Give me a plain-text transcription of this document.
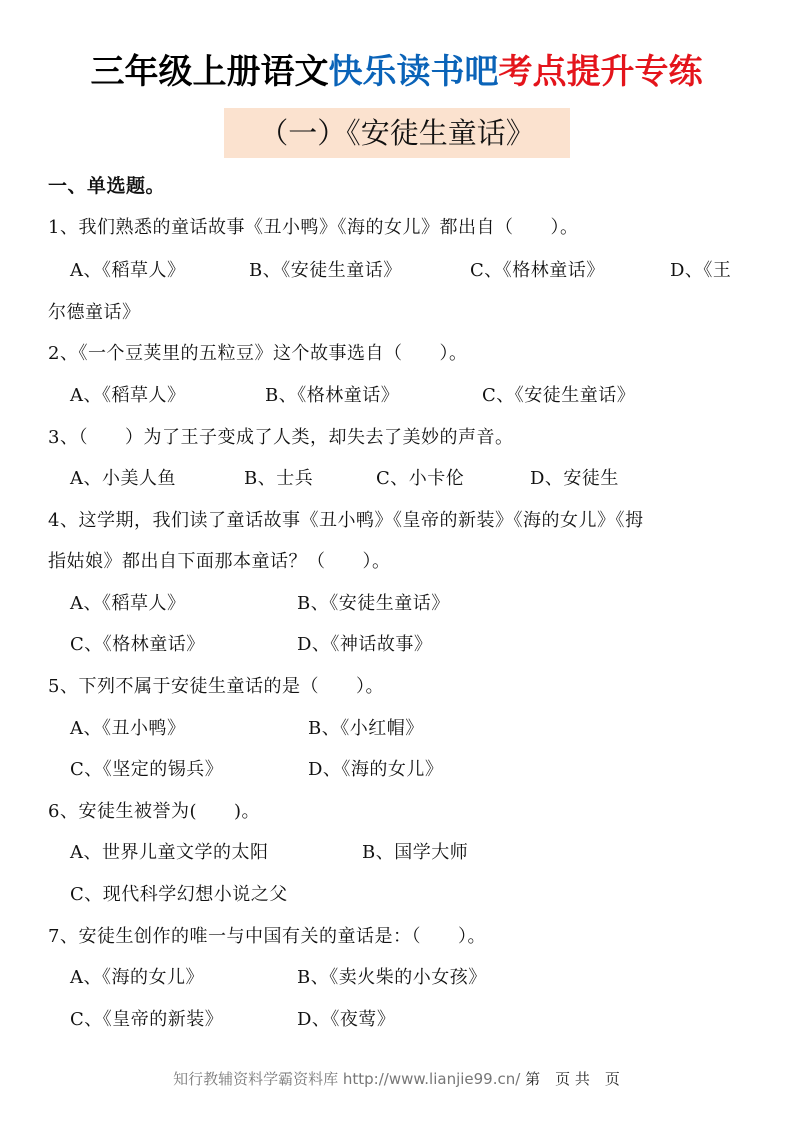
三年级上册语文快乐读书吧考点提升专练
（一）《安徒生童话》
一、单选题。
1、我们熟悉的童话故事《丑小鸭》《海的女儿》都出自（　　）。
A、《稻草人》	B、《安徒生童话》	C、《格林童话》	D、《王
尔德童话》
2、《一个豆荚里的五粒豆》这个故事选自（　　）。
A、《稻草人》	B、《格林童话》	C、《安徒生童话》
3、（　　）为了王子变成了人类，却失去了美妙的声音。
A、小美人鱼	B、士兵	C、小卡伦	D、安徒生
4、这学期，我们读了童话故事《丑小鸭》《皇帝的新装》《海的女儿》《拇
指姑娘》都出自下面那本童话？（　　）。
A、《稻草人》	B、《安徒生童话》
C、《格林童话》	D、《神话故事》
5、下列不属于安徒生童话的是（　　）。
A、《丑小鸭》	B、《小红帽》
C、《坚定的锡兵》	D、《海的女儿》
6、安徒生被誉为(　　)。
A、世界儿童文学的太阳	B、国学大师
C、现代科学幻想小说之父
7、安徒生创作的唯一与中国有关的童话是：（　　）。
A、《海的女儿》	B、《卖火柴的小女孩》
C、《皇帝的新装》	D、《夜莺》
知行教辅资料学霸资料库 http://www.lianjie99.cn/ 第　页 共　页
